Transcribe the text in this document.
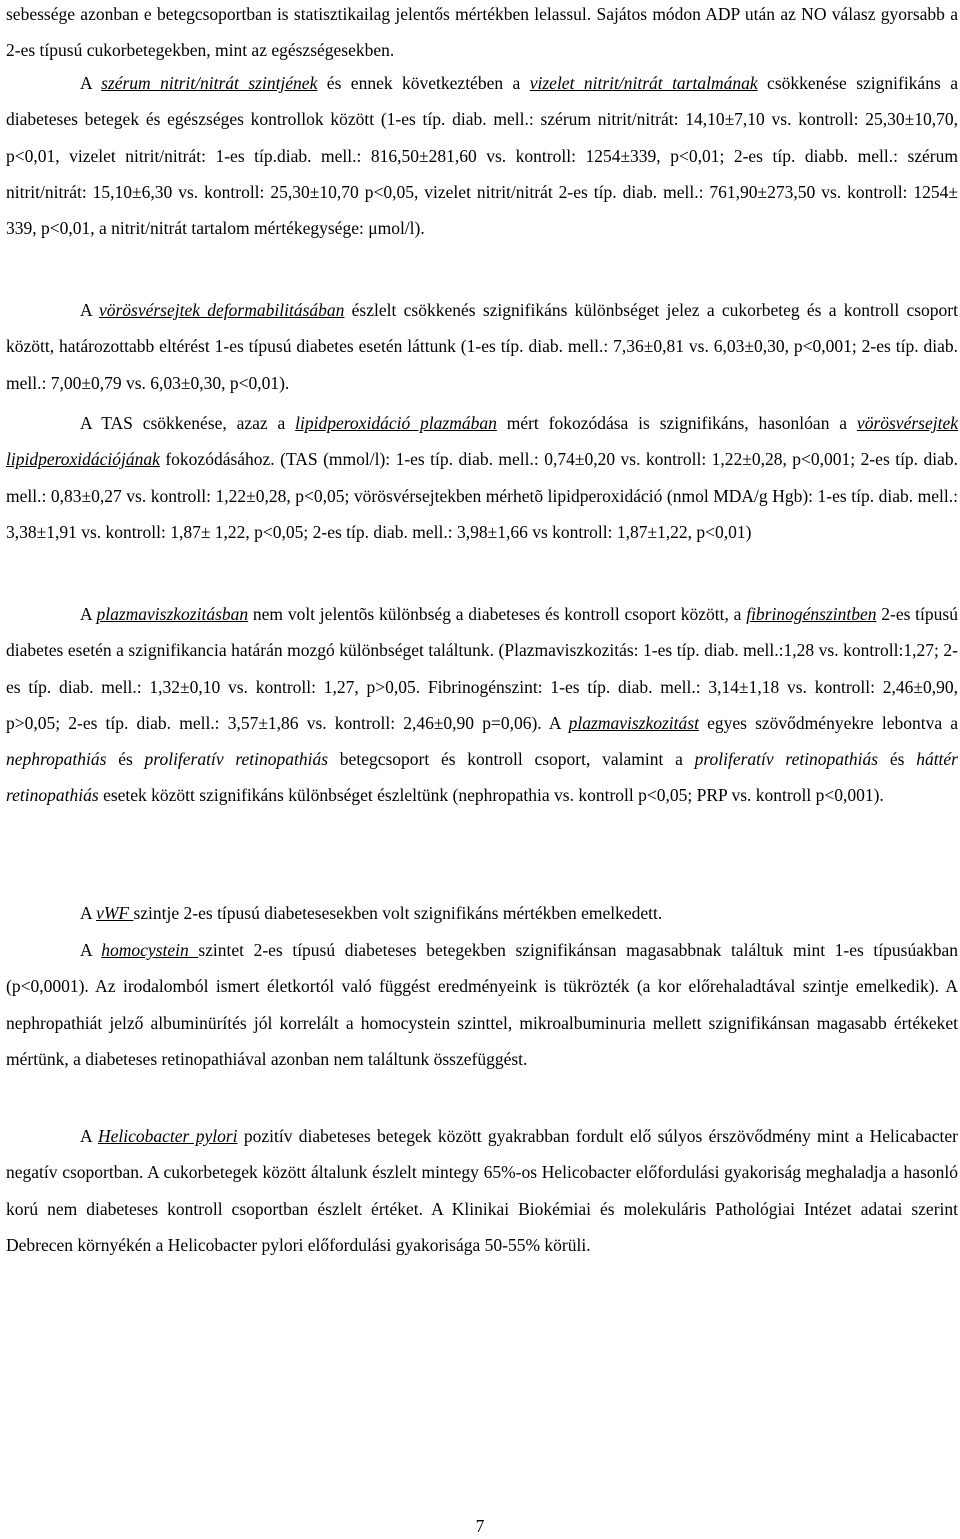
sebessége azonban e betegcsoportban is statisztikailag jelentős mértékben lelassul. Sajátos módon ADP után az NO válasz gyorsabb a 2-es típusú cukorbetegekben, mint az egészségesekben.
A szérum nitrit/nitrát szintjének és ennek következtében a vizelet nitrit/nitrát tartalmának csökkenése szignifikáns a diabeteses betegek és egészséges kontrollok között (1-es típ. diab. mell.: szérum nitrit/nitrát: 14,10±7,10 vs. kontroll: 25,30±10,70, p<0,01, vizelet nitrit/nitrát: 1-es típ.diab. mell.: 816,50±281,60 vs. kontroll: 1254±339, p<0,01; 2-es típ. diabb. mell.: szérum nitrit/nitrát: 15,10±6,30 vs. kontroll: 25,30±10,70 p<0,05, vizelet nitrit/nitrát 2-es típ. diab. mell.: 761,90±273,50 vs. kontroll: 1254± 339, p<0,01, a nitrit/nitrát tartalom mértékegysége: μmol/l).
A vörösvérsejtek deformabilitásában észlelt csökkenés szignifikáns különbséget jelez a cukorbeteg és a kontroll csoport között, határozottabb eltérést 1-es típusú diabetes esetén láttunk (1-es típ. diab. mell.: 7,36±0,81 vs. 6,03±0,30, p<0,001; 2-es típ. diab. mell.: 7,00±0,79 vs. 6,03±0,30, p<0,01).
A TAS csökkenése, azaz a lipidperoxidáció plazmában mért fokozódása is szignifikáns, hasonlóan a vörösvérsejtek lipidperoxidációjának fokozódásához. (TAS (mmol/l): 1-es típ. diab. mell.: 0,74±0,20 vs. kontroll: 1,22±0,28, p<0,001; 2-es típ. diab. mell.: 0,83±0,27 vs. kontroll: 1,22±0,28, p<0,05; vörösvérsejtekben mérhetõ lipidperoxidáció (nmol MDA/g Hgb): 1-es típ. diab. mell.: 3,38±1,91 vs. kontroll: 1,87± 1,22, p<0,05; 2-es típ. diab. mell.: 3,98±1,66 vs kontroll: 1,87±1,22, p<0,01)
A plazmaviszkozitásban nem volt jelentõs különbség a diabeteses és kontroll csoport között, a fibrinogénszintben 2-es típusú diabetes esetén a szignifikancia határán mozgó különbséget találtunk. (Plazmaviszkozitás: 1-es típ. diab. mell.:1,28 vs. kontroll:1,27; 2-es típ. diab. mell.: 1,32±0,10 vs. kontroll: 1,27, p>0,05. Fibrinogénszint: 1-es típ. diab. mell.: 3,14±1,18 vs. kontroll: 2,46±0,90, p>0,05; 2-es típ. diab. mell.: 3,57±1,86 vs. kontroll: 2,46±0,90 p=0,06). A plazmaviszkozitást egyes szövődményekre lebontva a nephropathiás és proliferatív retinopathiás betegcsoport és kontroll csoport, valamint a proliferatív retinopathiás és háttér retinopathiás esetek között szignifikáns különbséget észleltünk (nephropathia vs. kontroll p<0,05; PRP vs. kontroll p<0,001).
A vWF szintje 2-es típusú diabetesesekben volt szignifikáns mértékben emelkedett.
A homocystein szintet 2-es típusú diabeteses betegekben szignifikánsan magasabbnak találtuk mint 1-es típusúakban (p<0,0001). Az irodalomból ismert életkortól való függést eredményeink is tükrözték (a kor előrehaladtával szintje emelkedik). A nephropathiát jelző albuminürítés jól korrelált a homocystein szinttel, mikroalbuminuria mellett szignifikánsan magasabb értékeket mértünk, a diabeteses retinopathiával azonban nem találtunk összefüggést.
A Helicobacter pylori pozitív diabeteses betegek között gyakrabban fordult elő súlyos érszövődmény mint a Helicabacter negatív csoportban. A cukorbetegek között általunk észlelt mintegy 65%-os Helicobacter előfordulási gyakoriság meghaladja a hasonló korú nem diabeteses kontroll csoportban észlelt értéket. A Klinikai Biokémiai és molekuláris Pathológiai Intézet adatai szerint Debrecen környékén a Helicobacter pylori előfordulási gyakorisága 50-55% körüli.
7
